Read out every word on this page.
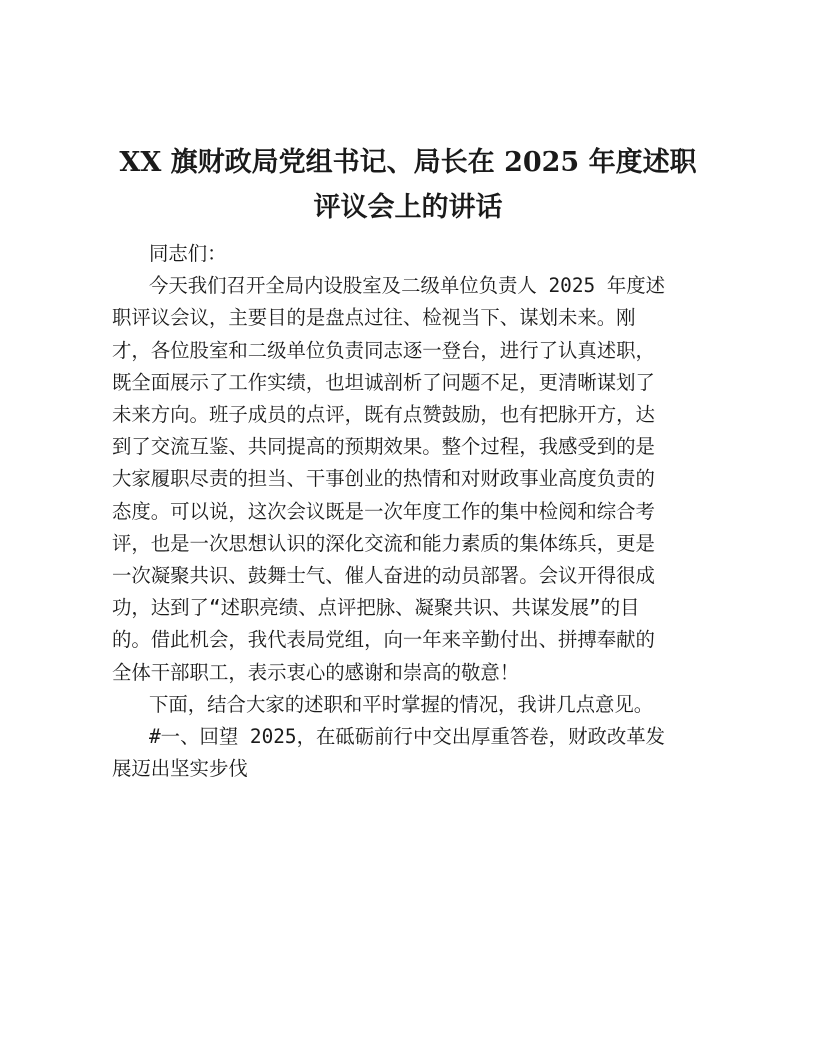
XX 旗财政局党组书记、局长在 2025 年度述职
评议会上的讲话

同志们：

今天我们召开全局内设股室及二级单位负责人 2025 年度述
职评议会议，主要目的是盘点过往、检视当下、谋划未来。刚
才，各位股室和二级单位负责同志逐一登台，进行了认真述职，
既全面展示了工作实绩，也坦诚剖析了问题不足，更清晰谋划了
未来方向。班子成员的点评，既有点赞鼓励，也有把脉开方，达
到了交流互鉴、共同提高的预期效果。整个过程，我感受到的是
大家履职尽责的担当、干事创业的热情和对财政事业高度负责的
态度。可以说，这次会议既是一次年度工作的集中检阅和综合考
评，也是一次思想认识的深化交流和能力素质的集体练兵，更是
一次凝聚共识、鼓舞士气、催人奋进的动员部署。会议开得很成
功，达到了“述职亮绩、点评把脉、凝聚共识、共谋发展”的目
的。借此机会，我代表局党组，向一年来辛勤付出、拼搏奉献的
全体干部职工，表示衷心的感谢和崇高的敬意！

下面，结合大家的述职和平时掌握的情况，我讲几点意见。

#一、回望 2025，在砥砺前行中交出厚重答卷，财政改革发
展迈出坚实步伐
